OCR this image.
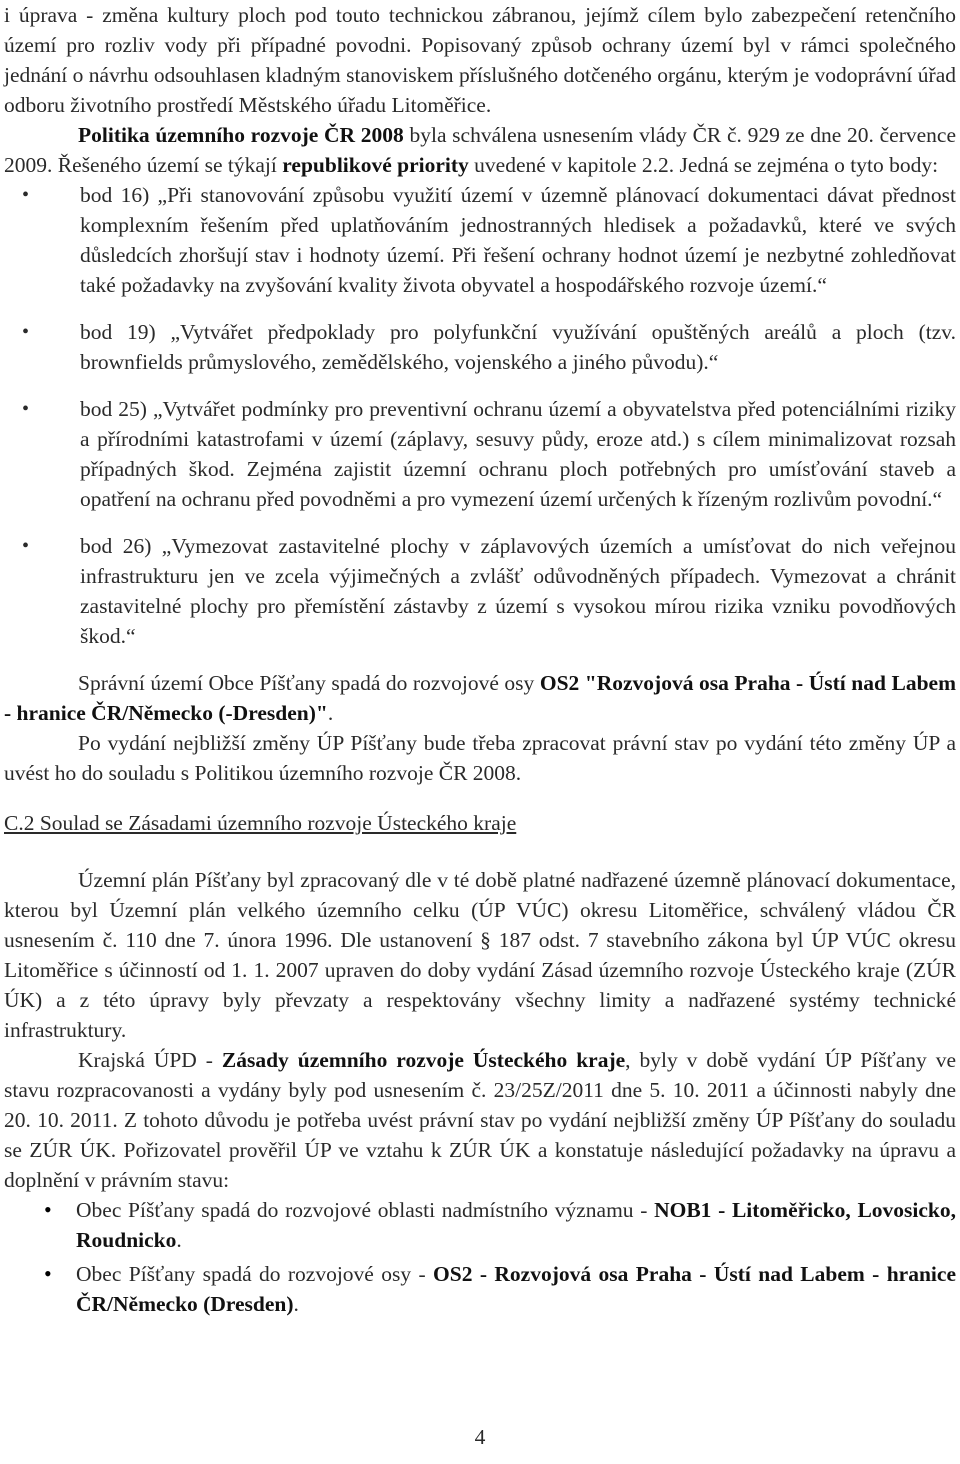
i úprava - změna kultury ploch pod touto technickou zábranou, jejímž cílem bylo zabezpečení retenčního území pro rozliv vody při případné povodni. Popisovaný způsob ochrany území byl v rámci společného jednání o návrhu odsouhlasen kladným stanoviskem příslušného dotčeného orgánu, kterým je vodoprávní úřad odboru životního prostředí Městského úřadu Litoměřice.

Politika územního rozvoje ČR 2008 byla schválena usnesením vlády ČR č. 929 ze dne 20. července 2009. Řešeného území se týkají republikové priority uvedené v kapitole 2.2. Jedná se zejména o tyto body:

• bod 16) „Při stanovování způsobu využití území v územně plánovací dokumentaci dávat přednost komplexním řešením před uplatňováním jednostranných hledisek a požadavků, které ve svých důsledcích zhoršují stav i hodnoty území. Při řešení ochrany hodnot území je nezbytné zohledňovat také požadavky na zvyšování kvality života obyvatel a hospodářského rozvoje území.“
• bod 19) „Vytvářet předpoklady pro polyfunkční využívání opuštěných areálů a ploch (tzv. brownfields průmyslového, zemědělského, vojenského a jiného původu).“
• bod 25) „Vytvářet podmínky pro preventivní ochranu území a obyvatelstva před potenciálními riziky a přírodními katastrofami v území (záplavy, sesuvy půdy, eroze atd.) s cílem minimalizovat rozsah případných škod. Zejména zajistit územní ochranu ploch potřebných pro umísťování staveb a opatření na ochranu před povodněmi a pro vymezení území určených k řízeným rozlivům povodní.“
• bod 26) „Vymezovat zastavitelné plochy v záplavových územích a umísťovat do nich veřejnou infrastrukturu jen ve zcela výjimečných a zvlášť odůvodněných případech. Vymezovat a chránit zastavitelné plochy pro přemístění zástavby z území s vysokou mírou rizika vzniku povodňových škod.“

Správní území Obce Píšťany spadá do rozvojové osy OS2 "Rozvojová osa Praha - Ústí nad Labem - hranice ČR/Německo (-Dresden)".

Po vydání nejbližší změny ÚP Píšťany bude třeba zpracovat právní stav po vydání této změny ÚP a uvést ho do souladu s Politikou územního rozvoje ČR 2008.

C.2 Soulad se Zásadami územního rozvoje Ústeckého kraje

Územní plán Píšťany byl zpracovaný dle v té době platné nadřazené územně plánovací dokumentace, kterou byl Územní plán velkého územního celku (ÚP VÚC) okresu Litoměřice, schválený vládou ČR usnesením č. 110 dne 7. února 1996. Dle ustanovení § 187 odst. 7 stavebního zákona byl ÚP VÚC okresu Litoměřice s účinností od 1. 1. 2007 upraven do doby vydání Zásad územního rozvoje Ústeckého kraje (ZÚR ÚK) a z této úpravy byly převzaty a respektovány všechny limity a nadřazené systémy technické infrastruktury.

Krajská ÚPD - Zásady územního rozvoje Ústeckého kraje, byly v době vydání ÚP Píšťany ve stavu rozpracovanosti a vydány byly pod usnesením č. 23/25Z/2011 dne 5. 10. 2011 a účinnosti nabyly dne 20. 10. 2011. Z tohoto důvodu je potřeba uvést právní stav po vydání nejbližší změny ÚP Píšťany do souladu se ZÚR ÚK. Pořizovatel prověřil ÚP ve vztahu k ZÚR ÚK a konstatuje následující požadavky na úpravu a doplnění v právním stavu:

• Obec Píšťany spadá do rozvojové oblasti nadmístního významu - NOB1 - Litoměřicko, Lovosicko, Roudnicko.
• Obec Píšťany spadá do rozvojové osy - OS2 - Rozvojová osa Praha - Ústí nad Labem - hranice ČR/Německo (Dresden).
4
